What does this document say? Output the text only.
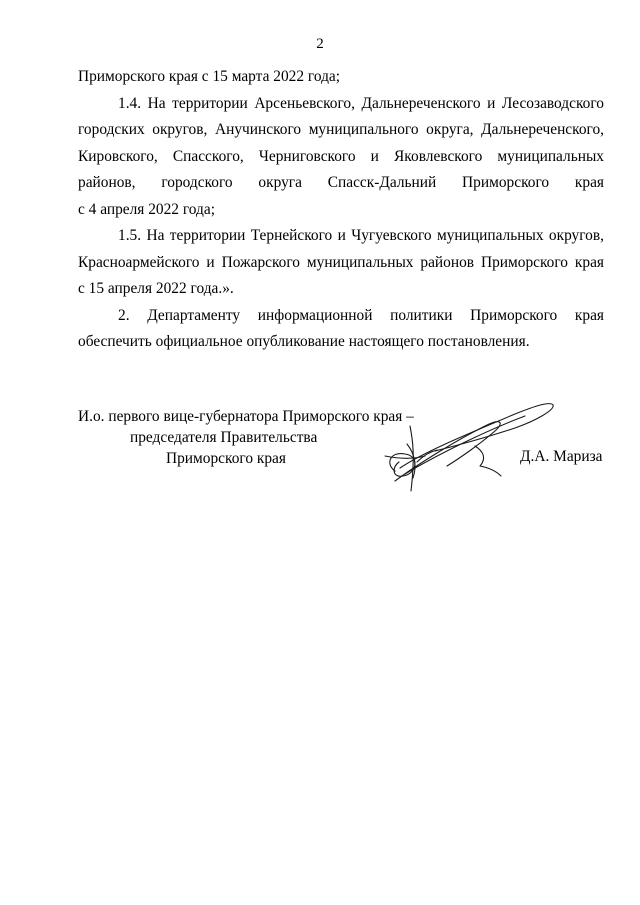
2
Приморского края с 15 марта 2022 года;
1.4. На территории Арсеньевского, Дальнереченского и Лесозаводского
городских округов, Анучинского муниципального округа, Дальнереченского,
Кировского, Спасского, Черниговского и Яковлевского муниципальных
районов, городского округа Спасск-Дальний Приморского края
с 4 апреля 2022 года;
1.5. На территории Тернейского и Чугуевского муниципальных округов,
Красноармейского и Пожарского муниципальных районов Приморского края
с 15 апреля 2022 года.».
2. Департаменту информационной политики Приморского края
обеспечить официальное опубликование настоящего постановления.
И.о. первого вице-губернатора Приморского края –
председателя Правительства
Приморского края	Д.А. Мариза
